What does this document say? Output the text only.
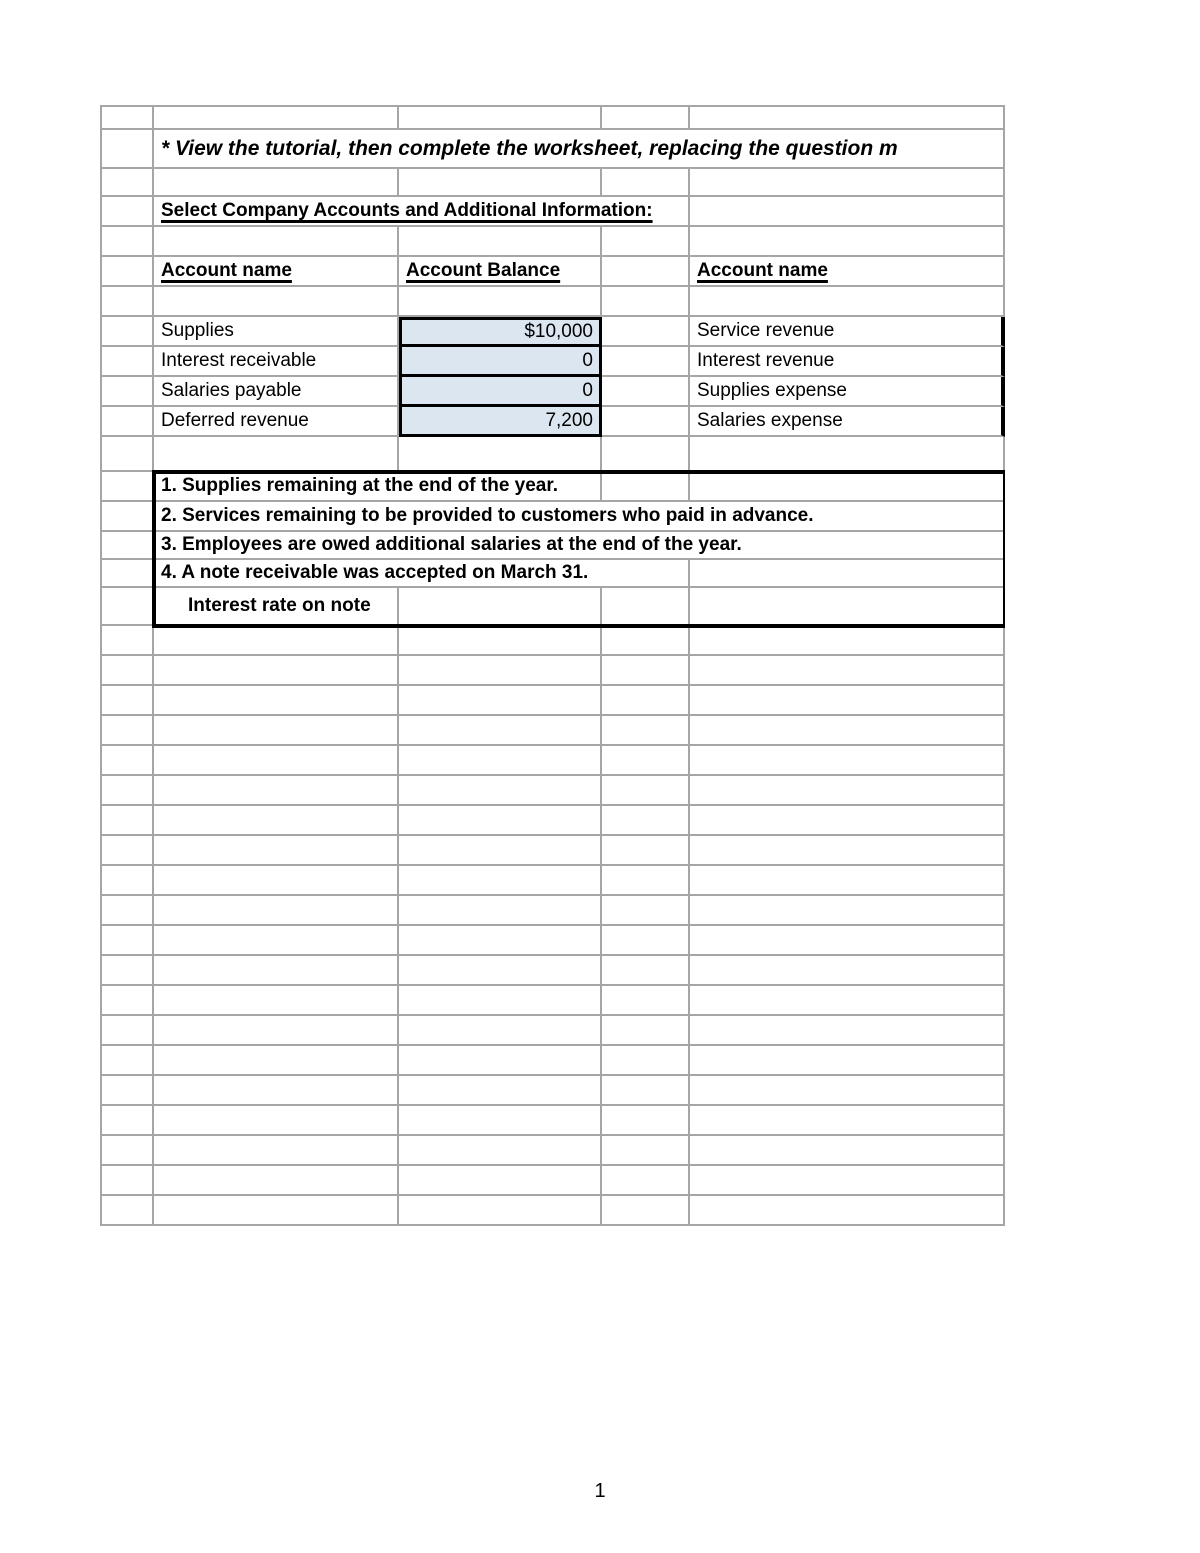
* View the tutorial, then complete the worksheet, replacing the question m
Select Company Accounts and Additional Information:
Account name	Account Balance	Account name
Supplies	$10,000	Service revenue
Interest receivable	0	Interest revenue
Salaries payable	0	Supplies expense
Deferred revenue	7,200	Salaries expense
1. Supplies remaining at the end of the year.
2. Services remaining to be provided to customers who paid in advance.
3. Employees are owed additional salaries at the end of the year.
4. A note receivable was accepted on March 31.
Interest rate on note
1
